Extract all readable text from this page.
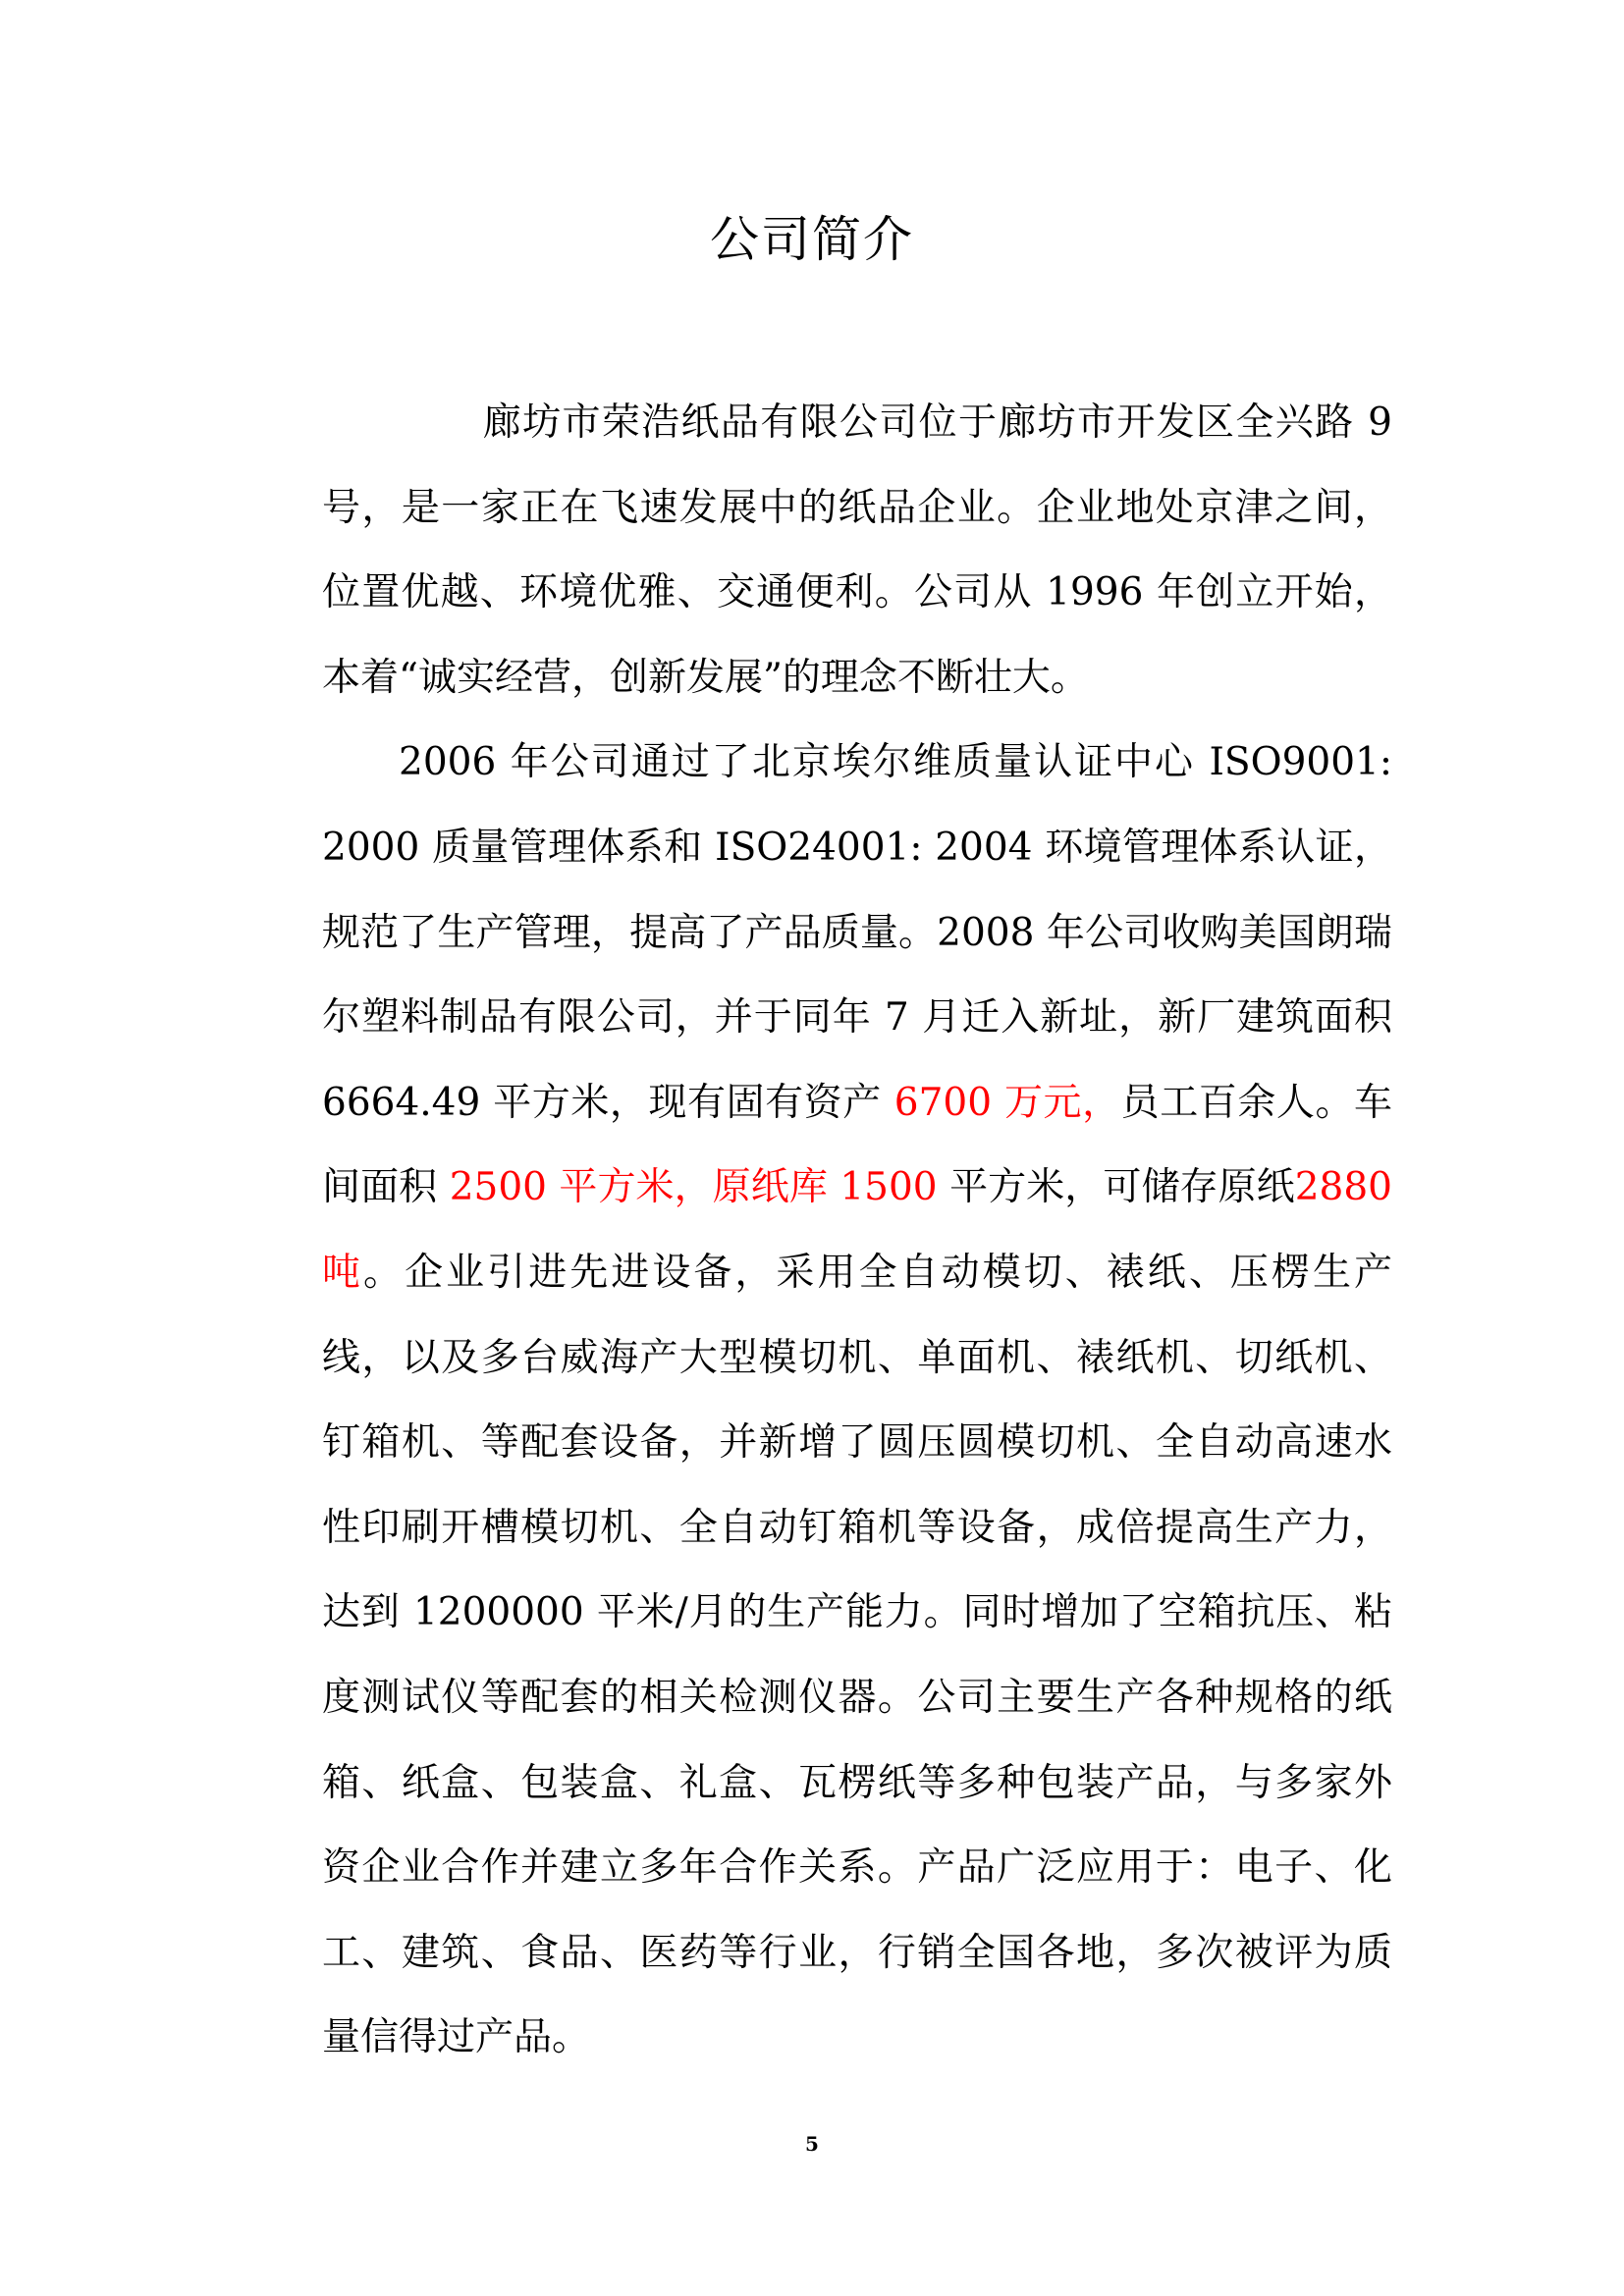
公司简介

廊坊市荣浩纸品有限公司位于廊坊市开发区全兴路 9 号，是一家正在飞速发展中的纸品企业。企业地处京津之间，位置优越、环境优雅、交通便利。公司从 1996 年创立开始，本着“诚实经营，创新发展”的理念不断壮大。

2006 年公司通过了北京埃尔维质量认证中心 ISO9001: 2000 质量管理体系和 ISO24001: 2004 环境管理体系认证，规范了生产管理，提高了产品质量。2008 年公司收购美国朗瑞尔塑料制品有限公司，并于同年 7 月迁入新址，新厂建筑面积 6664.49 平方米，现有固有资产 6700 万元，员工百余人。车间面积 2500 平方米，原纸库 1500 平方米，可储存原纸2880 吨。企业引进先进设备，采用全自动模切、裱纸、压楞生产线，以及多台威海产大型模切机、单面机、裱纸机、切纸机、钉箱机、等配套设备，并新增了圆压圆模切机、全自动高速水性印刷开槽模切机、全自动钉箱机等设备，成倍提高生产力，达到 1200000 平米/月的生产能力。同时增加了空箱抗压、粘度测试仪等配套的相关检测仪器。公司主要生产各种规格的纸箱、纸盒、包装盒、礼盒、瓦楞纸等多种包装产品，与多家外资企业合作并建立多年合作关系。产品广泛应用于：电子、化工、建筑、食品、医药等行业，行销全国各地，多次被评为质量信得过产品。

5
